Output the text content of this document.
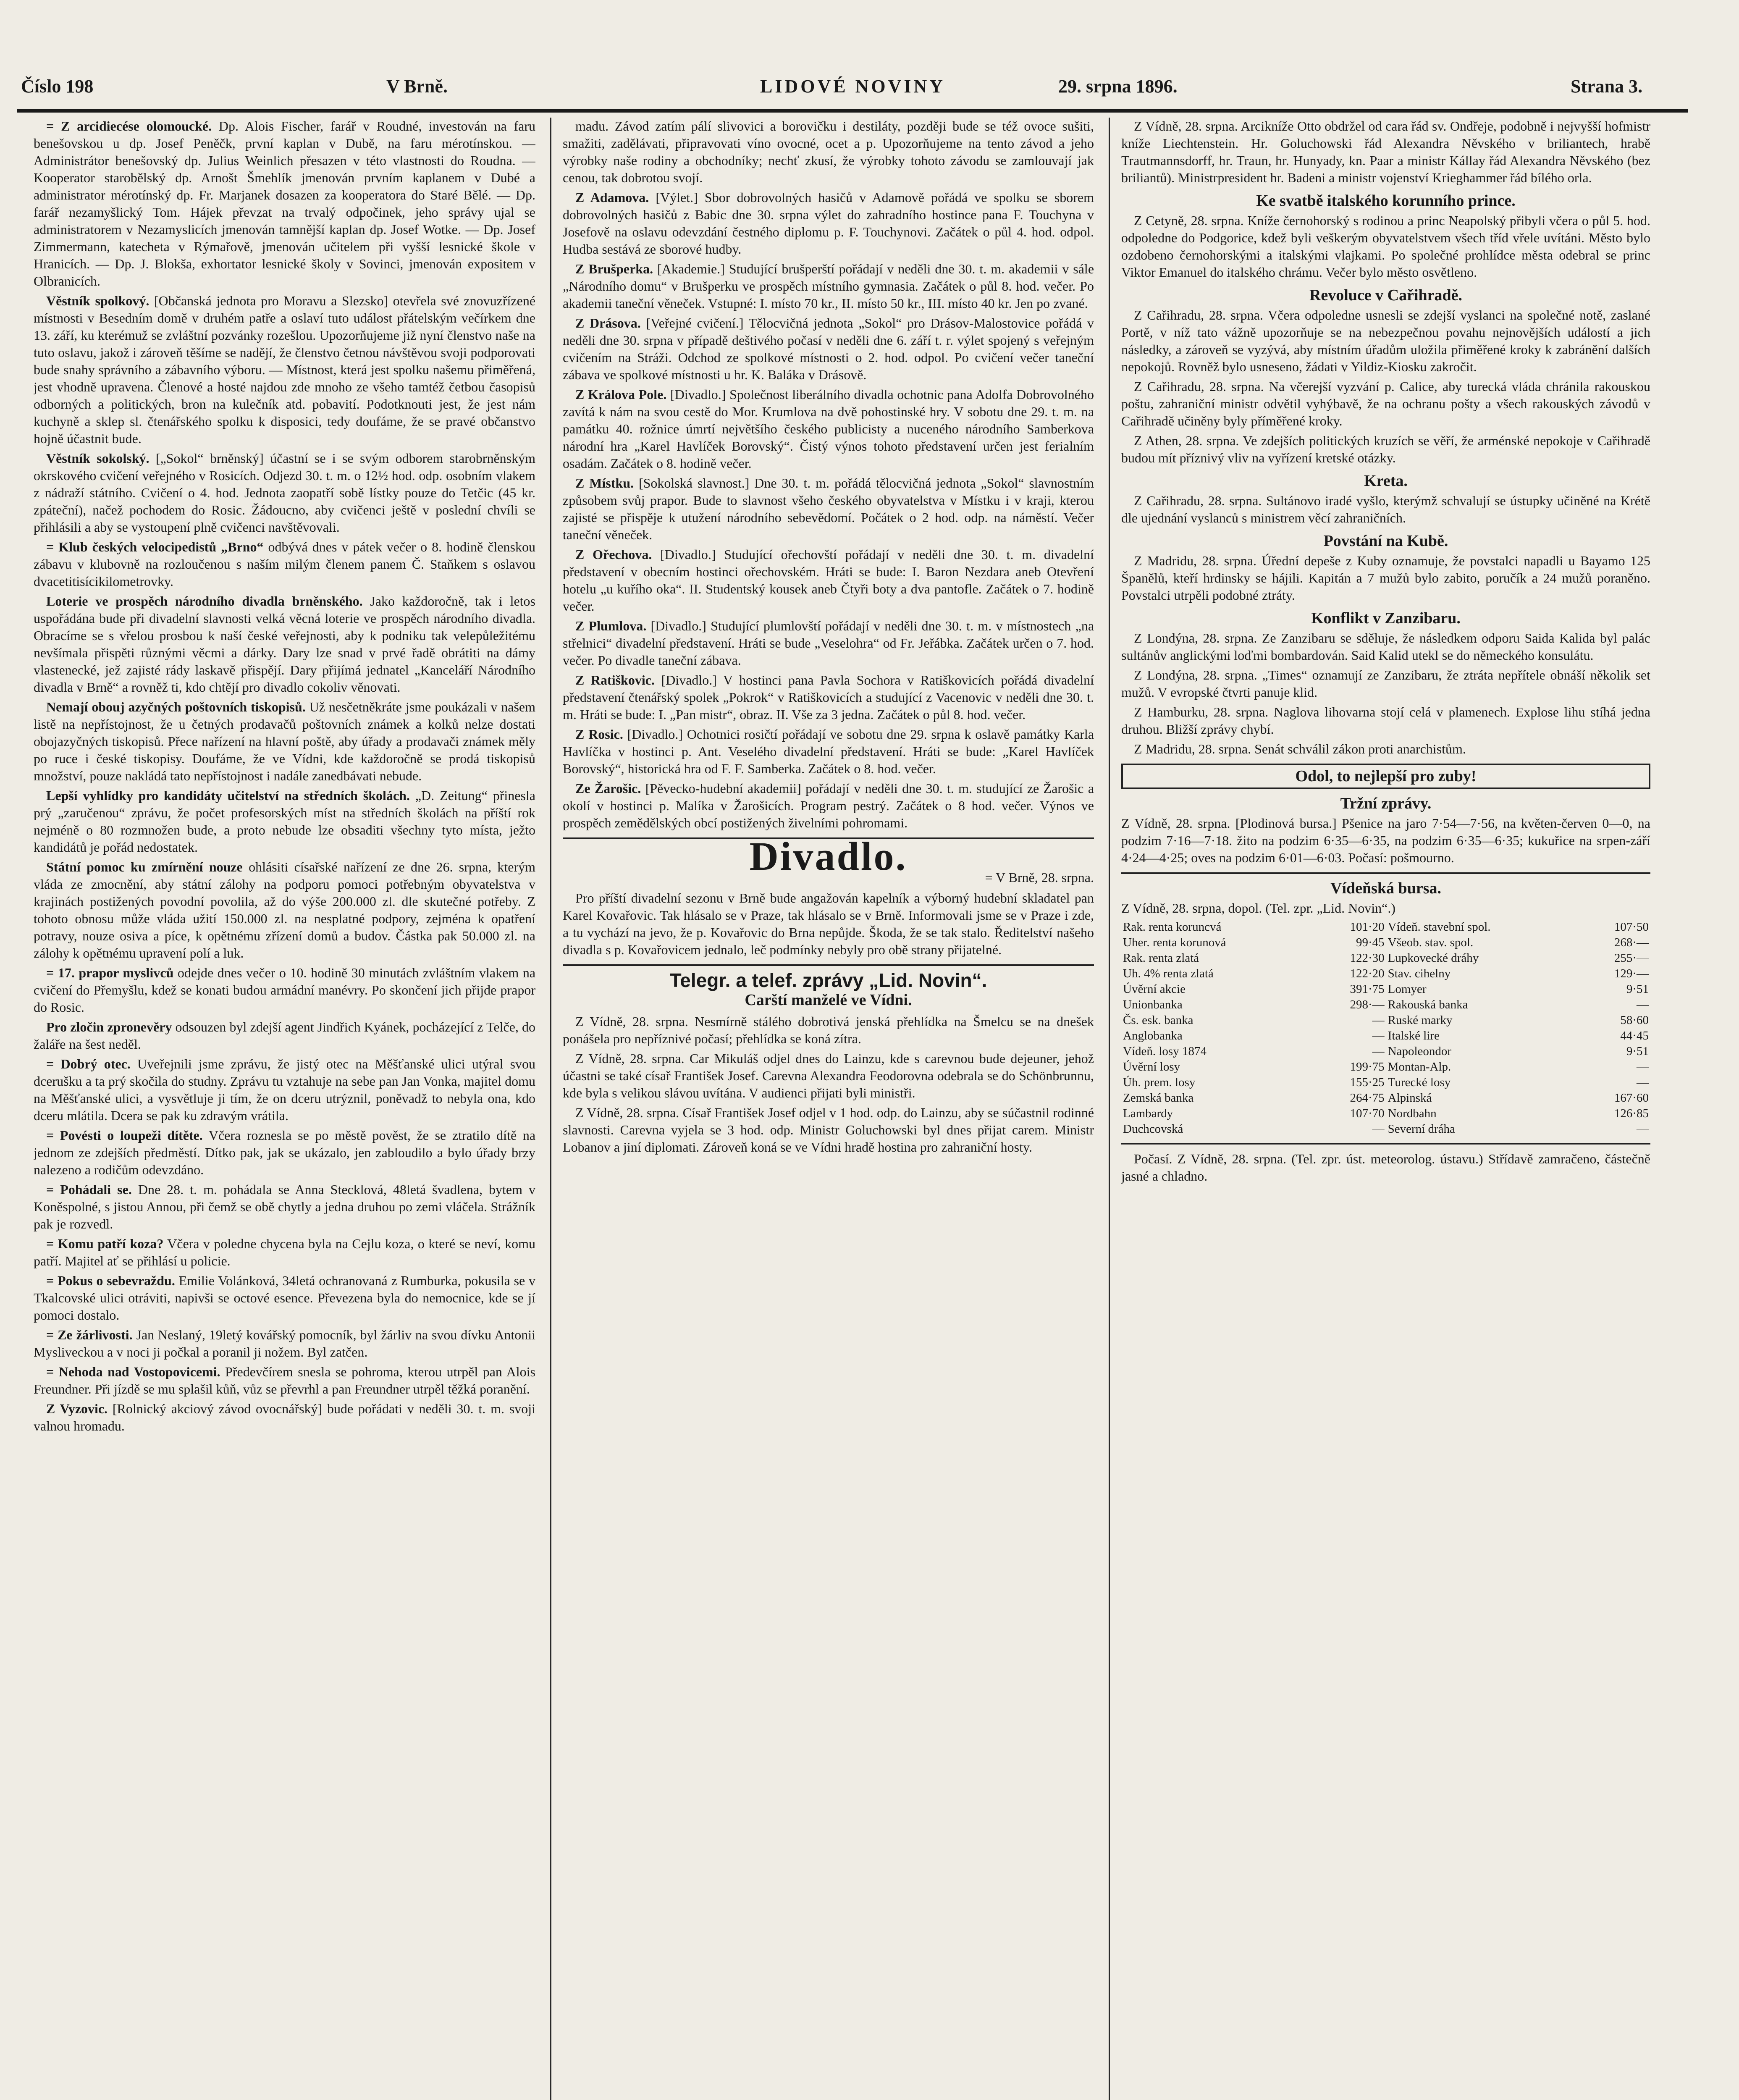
Číslo 198	V Brně.	LIDOVÉ NOVINY	29. srpna 1896.	Strana 3.

= Z arcidiecése olomoucké. Dp. Alois Fischer, farář v Roudné, investován na faru benešovskou u dp. Josef Peněčk, první kaplan v Dubě, na faru mérotínskou. — Administrátor benešovský dp. Julius Weinlich přesazen v této vlastnosti do Roudna. — Kooperator starobělský dp. Arnošt Šmehlík jmenován prvním kaplanem v Dubé a administrator mérotínský dp. Fr. Marjanek dosazen za kooperatora do Staré Bělé. — Dp. farář nezamyšlický Tom. Hájek převzat na trvalý odpočinek, jeho správy ujal se administratorem v Nezamyslicích jmenován tamnější kaplan dp. Josef Wotke. — Dp. Josef Zimmermann, katecheta v Rýmařově, jmenován učitelem při vyšší lesnické škole v Hranicích. — Dp. J. Blokša, exhortator lesnické školy v Sovinci, jmenován expositem v Olbranicích.

Věstník spolkový. [Občanská jednota pro Moravu a Slezsko] otevřela své znovuzřízené místnosti v Besedním domě v druhém patře a oslaví tuto událost přátelským večírkem dne 13. září, ku kterémuž se zvláštní pozvánky rozešlou. Upozorňujeme již nyní členstvo naše na tuto oslavu, jakož i zároveň těšíme se nadějí, že členstvo četnou návštěvou svoji podporovati bude snahy správního a zábavního výboru. — Místnost, která jest spolku našemu přiměřená, jest vhodně upravena. Členové a hosté najdou zde mnoho ze všeho tamtéž četbou časopisů odborných a politických, bron na kulečník atd. pobavití. Podotknouti jest, že jest nám kuchyně a sklep sl. čtenářského spolku k disposici, tedy doufáme, že se pravé občanstvo hojně účastnit bude.

Věstník sokolský. [„Sokol“ brněnský] účastní se i se svým odborem starobrněnským okrskového cvičení veřejného v Rosicích. Odjezd 30. t. m. o 12½ hod. odp. osobním vlakem z nádraží státního. Cvičení o 4. hod. Jednota zaopatří sobě lístky pouze do Tetčic (45 kr. zpáteční), načež pochodem do Rosic. Žádoucno, aby cvičenci ještě v poslední chvíli se přihlásili a aby se vystoupení plně cvičenci navštěvovali.

= Klub českých velocipedistů „Brno“ odbývá dnes v pátek večer o 8. hodině členskou zábavu v klubovně na rozloučenou s naším milým členem panem Č. Staňkem s oslavou dvacetitisícikilometrovky.

Loterie ve prospěch národního divadla brněnského. Jako každoročně, tak i letos uspořádána bude při divadelní slavnosti velká věcná loterie ve prospěch národního divadla. Obracíme se s vřelou prosbou k naší české veřejnosti, aby k podniku tak velepůležitému nevšímala přispěti různými věcmi a dárky. Dary lze snad v prvé řadě obrátiti na dámy vlastenecké, jež zajisté rády laskavě přispějí. Dary přijímá jednatel „Kanceláří Národního divadla v Brně“ a rovněž ti, kdo chtějí pro divadlo cokoliv věnovati.

Nemají obouj azyčných poštovních tiskopisů. Už nesčetněkráte jsme poukázali v našem listě na nepřístojnost, že u četných prodavačů poštovních známek a kolků nelze dostati obojazyčných tiskopisů. Přece nařízení na hlavní poště, aby úřady a prodavači známek měly po ruce i české tiskopisy. Doufáme, že ve Vídni, kde každoročně se prodá tiskopisů množství, pouze nakládá tato nepřístojnost i nadále zanedbávati nebude.

Lepší vyhlídky pro kandidáty učitelství na středních školách. „D. Zeitung“ přinesla prý „zaručenou“ zprávu, že počet profesorských míst na středních školách na příští rok nejméně o 80 rozmnožen bude, a proto nebude lze obsaditi všechny tyto místa, ježto kandidátů je pořád nedostatek.

Státní pomoc ku zmírnění nouze ohlásiti císařské nařízení ze dne 26. srpna, kterým vláda ze zmocnění, aby státní zálohy na podporu pomoci potřebným obyvatelstva v krajinách postižených povodní povolila, až do výše 200.000 zl. dle skutečné potřeby. Z tohoto obnosu může vláda užití 150.000 zl. na nesplatné podpory, zejména k opatření potravy, nouze osiva a píce, k opětnému zřízení domů a budov. Částka pak 50.000 zl. na zálohy k opětnému upravení polí a luk.

= 17. prapor myslivců odejde dnes večer o 10. hodině 30 minutách zvláštním vlakem na cvičení do Přemyšlu, kdež se konati budou armádní manévry. Po skončení jich přijde prapor do Rosic.

Pro zločin zpronevěry odsouzen byl zdejší agent Jindřich Kyánek, pocházející z Telče, do žaláře na šest neděl.

= Dobrý otec. Uveřejnili jsme zprávu, že jistý otec na Měšťanské ulici utýral svou dcerušku a ta prý skočila do studny. Zprávu tu vztahuje na sebe pan Jan Vonka, majitel domu na Měšťanské ulici, a vysvětluje ji tím, že on dceru utrýznil, poněvadž to nebyla ona, kdo dceru mlátila. Dcera se pak ku zdravým vrátila.

= Povésti o loupeži dítěte. Včera roznesla se po městě pověst, že se ztratilo dítě na jednom ze zdejších předměstí. Dítko pak, jak se ukázalo, jen zabloudilo a bylo úřady brzy nalezeno a rodičům odevzdáno.

= Pohádali se. Dne 28. t. m. pohádala se Anna Stecklová, 48letá švadlena, bytem v Koněspolné, s jistou Annou, při čemž se obě chytly a jedna druhou po zemi vláčela. Strážník pak je rozvedl.

= Komu patří koza? Včera v poledne chycena byla na Cejlu koza, o které se neví, komu patří. Majitel ať se přihlásí u policie.

= Pokus o sebevraždu. Emilie Volánková, 34letá ochranovaná z Rumburka, pokusila se v Tkalcovské ulici otráviti, napivši se octové esence. Převezena byla do nemocnice, kde se jí pomoci dostalo.

= Ze žárlivosti. Jan Neslaný, 19letý kovářský pomocník, byl žárliv na svou dívku Antonii Mysliveckou a v noci ji počkal a poranil ji nožem. Byl zatčen.

= Nehoda nad Vostopovicemi. Předevčírem snesla se pohroma, kterou utrpěl pan Alois Freundner. Při jízdě se mu splašil kůň, vůz se převrhl a pan Freundner utrpěl těžká poranění.

Z Vyzovic. [Rolnický akciový závod ovocnářský] bude pořádati v neděli 30. t. m. svoji valnou hromadu.

madu. Závod zatím pálí slivovici a borovičku i destiláty, později bude se též ovoce sušiti, smažiti, zadělávati, připravovati víno ovocné, ocet a p. Upozorňujeme na tento závod a jeho výrobky naše rodiny a obchodníky; nechť zkusí, že výrobky tohoto závodu se zamlouvají jak cenou, tak dobrotou svojí.

Z Adamova. [Výlet.] Sbor dobrovolných hasičů v Adamově pořádá ve spolku se sborem dobrovolných hasičů z Babic dne 30. srpna výlet do zahradního hostince pana F. Touchyna v Josefově na oslavu odevzdání čestného diplomu p. F. Touchynovi. Začátek o půl 4. hod. odpol. Hudba sestává ze sborové hudby.

Z Brušperka. [Akademie.] Studující brušperští pořádají v neděli dne 30. t. m. akademii v sále „Národního domu“ v Brušperku ve prospěch místního gymnasia. Začátek o půl 8. hod. večer. Po akademii taneční věneček. Vstupné: I. místo 70 kr., II. místo 50 kr., III. místo 40 kr. Jen po zvané.

Z Drásova. [Veřejné cvičení.] Tělocvičná jednota „Sokol“ pro Drásov-Malostovice pořádá v neděli dne 30. srpna v případě deštivého počasí v neděli dne 6. září t. r. výlet spojený s veřejným cvičením na Stráži. Odchod ze spolkové místnosti o 2. hod. odpol. Po cvičení večer taneční zábava ve spolkové místnosti u hr. K. Baláka v Drásově.

Z Králova Pole. [Divadlo.] Společnost liberálního divadla ochotnic pana Adolfa Dobrovolného zavítá k nám na svou cestě do Mor. Krumlova na dvě pohostinské hry. V sobotu dne 29. t. m. na památku 40. rožnice úmrtí největšího českého publicisty a nuceného národního Samberkova národní hra „Karel Havlíček Borovský“. Čistý výnos tohoto představení určen jest ferialním osadám. Začátek o 8. hodině večer.

Z Místku. [Sokolská slavnost.] Dne 30. t. m. pořádá tělocvičná jednota „Sokol“ slavnostním způsobem svůj prapor. Bude to slavnost všeho českého obyvatelstva v Místku i v kraji, kterou zajisté se přispěje k utužení národního sebevědomí. Počátek o 2 hod. odp. na náměstí. Večer taneční věneček.

Z Ořechova. [Divadlo.] Studující ořechovští pořádají v neděli dne 30. t. m. divadelní představení v obecním hostinci ořechovském. Hráti se bude: I. Baron Nezdara aneb Otevření hotelu „u kuřího oka“. II. Studentský kousek aneb Čtyři boty a dva pantofle. Začátek o 7. hodině večer.

Z Plumlova. [Divadlo.] Studující plumlovští pořádají v neděli dne 30. t. m. v místnostech „na střelnici“ divadelní představení. Hráti se bude „Veselohra“ od Fr. Jeřábka. Začátek určen o 7. hod. večer. Po divadle taneční zábava.

Z Ratiškovic. [Divadlo.] V hostinci pana Pavla Sochora v Ratiškovicích pořádá divadelní představení čtenářský spolek „Pokrok“ v Ratiškovicích a studující z Vacenovic v neděli dne 30. t. m. Hráti se bude: I. „Pan mistr“, obraz. II. Vše za 3 jedna. Začátek o půl 8. hod. večer.

Z Rosic. [Divadlo.] Ochotnici rosičtí pořádají ve sobotu dne 29. srpna k oslavě památky Karla Havlíčka v hostinci p. Ant. Veselého divadelní představení. Hráti se bude: „Karel Havlíček Borovský“, historická hra od F. F. Samberka. Začátek o 8. hod. večer.

Ze Žarošic. [Pěvecko-hudební akademii] pořádají v neděli dne 30. t. m. studující ze Žarošic a okolí v hostinci p. Malíka v Žarošicích. Program pestrý. Začátek o 8 hod. večer. Výnos ve prospěch zemědělských obcí postižených živelními pohromami.

Divadlo.	= V Brně, 28. srpna.

Pro příští divadelní sezonu v Brně bude angažován kapelník a výborný hudební skladatel pan Karel Kovařovic. Tak hlásalo se v Praze, tak hlásalo se v Brně. Informovali jsme se v Praze i zde, a tu vychází na jevo, že p. Kovařovic do Brna nepůjde. Škoda, že se tak stalo. Ředitelství našeho divadla s p. Kovařovicem jednalo, leč podmínky nebyly pro obě strany přijatelné.

Telegr. a telef. zprávy „Lid. Novin“.
Carští manželé ve Vídni.

Z Vídně, 28. srpna. Nesmírně stálého dobrotivá jenská přehlídka na Šmelcu se na dnešek ponášela pro nepříznivé počasí; přehlídka se koná zítra.

Z Vídně, 28. srpna. Car Mikuláš odjel dnes do Lainzu, kde s carevnou bude dejeuner, jehož účastni se také císař František Josef. Carevna Alexandra Feodorovna odebrala se do Schönbrunnu, kde byla s velikou slávou uvítána. V audienci přijati byli ministři.

Z Vídně, 28. srpna. Císař František Josef odjel v 1 hod. odp. do Lainzu, aby se súčastnil rodinné slavnosti. Carevna vyjela se 3 hod. odp. Ministr Goluchowski byl dnes přijat carem. Ministr Lobanov a jiní diplomati. Zároveň koná se ve Vídni hradě hostina pro zahraniční hosty.

Z Vídně, 28. srpna. Arcikníže Otto obdržel od cara řád sv. Ondřeje, podobně i nejvyšší hofmistr kníže Liechtenstein. Hr. Goluchowski řád Alexandra Něvského v briliantech, hrabě Trautmannsdorff, hr. Traun, hr. Hunyady, kn. Paar a ministr Kállay řád Alexandra Něvského (bez briliantů). Ministrpresident hr. Badeni a ministr vojenství Krieghammer řád bílého orla.

Ke svatbě italského korunního prince.

Z Cetyně, 28. srpna. Kníže černohorský s rodinou a princ Neapolský přibyli včera o půl 5. hod. odpoledne do Podgorice, kdež byli veškerým obyvatelstvem všech tříd vřele uvítáni. Město bylo ozdobeno černohorskými a italskými vlajkami. Po společné prohlídce města odebral se princ Viktor Emanuel do italského chrámu. Večer bylo město osvětleno.

Revoluce v Cařihradě.

Z Cařihradu, 28. srpna. Včera odpoledne usnesli se zdejší vyslanci na společné notě, zaslané Portě, v níž tato vážně upozorňuje se na nebezpečnou povahu nejnovějších událostí a jich následky, a zároveň se vyzývá, aby místním úřadům uložila přiměřené kroky k zabránění dalších nepokojů. Rovněž bylo usneseno, žádati v Yildiz-Kiosku zakročit.

Z Cařihradu, 28. srpna. Na včerejší vyzvání p. Calice, aby turecká vláda chránila rakouskou poštu, zahraniční ministr odvětil vyhýbavě, že na ochranu pošty a všech rakouských závodů v Cařihradě učiněny byly příměřené kroky.

Z Athen, 28. srpna. Ve zdejších politických kruzích se věří, že arménské nepokoje v Cařihradě budou mít příznivý vliv na vyřízení kretské otázky.

Kreta.

Z Cařihradu, 28. srpna. Sultánovo iradé vyšlo, kterýmž schvalují se ústupky učiněné na Krétě dle ujednání vyslanců s ministrem věcí zahraničních.

Povstání na Kubě.

Z Madridu, 28. srpna. Úřední depeše z Kuby oznamuje, že povstalci napadli u Bayamo 125 Španělů, kteří hrdinsky se hájili. Kapitán a 7 mužů bylo zabito, poručík a 24 mužů poraněno. Povstalci utrpěli podobné ztráty.

Konflikt v Zanzibaru.

Z Londýna, 28. srpna. Ze Zanzibaru se sděluje, že následkem odporu Saida Kalida byl palác sultánův anglickými loďmi bombardován. Said Kalid utekl se do německého konsulátu.

Z Londýna, 28. srpna. „Times“ oznamují ze Zanzibaru, že ztráta nepřítele obnáší několik set mužů. V evropské čtvrti panuje klid.

Z Hamburku, 28. srpna. Naglova lihovarna stojí celá v plamenech. Explose lihu stíhá jedna druhou. Bližší zprávy chybí.

Z Madridu, 28. srpna. Senát schválil zákon proti anarchistům.

Odol, to nejlepší pro zuby!
Tržní zprávy.

Z Vídně, 28. srpna. [Plodinová bursa.] Pšenice na jaro 7·54—7·56, na květen-červen 0—0, na podzim 7·16—7·18. žito na podzim 6·35—6·35, na podzim 6·35—6·35; kukuřice na srpen-září 4·24—4·25; oves na podzim 6·01—6·03. Počasí: pošmourno.

Vídeňská bursa.

Z Vídně, 28. srpna, dopol. (Tel. zpr. „Lid. Novin“.)

Rak. renta koruncvá	101·20	Vídeň. stavební spol.	107·50
Uher. renta korunová	99·45	Všeob. stav. spol.	268·—
Rak. renta zlatá	122·30	Lupkovecké dráhy	255·—
Uh. 4% renta zlatá	122·20	Stav. cihelny	129·—
Úvěrní akcie	391·75	Lomyer	9·51
Unionbanka	298·—	Rakouská banka	—
Čs. esk. banka	—	Ruské marky	58·60
Anglobanka	—	Italské lire	44·45
Vídeň. losy 1874	—	Napoleondor	9·51
Úvěrní losy	199·75	Montan-Alp.	—
Úh. prem. losy	155·25	Turecké losy	—
Zemská banka	264·75	Alpinská	167·60
Lambardy	107·70	Nordbahn	126·85
Duchcovská	—	Severní dráha	—

Počasí. Z Vídně, 28. srpna. (Tel. zpr. úst. meteorolog. ústavu.) Střídavě zamračeno, částečně jasné a chladno.
